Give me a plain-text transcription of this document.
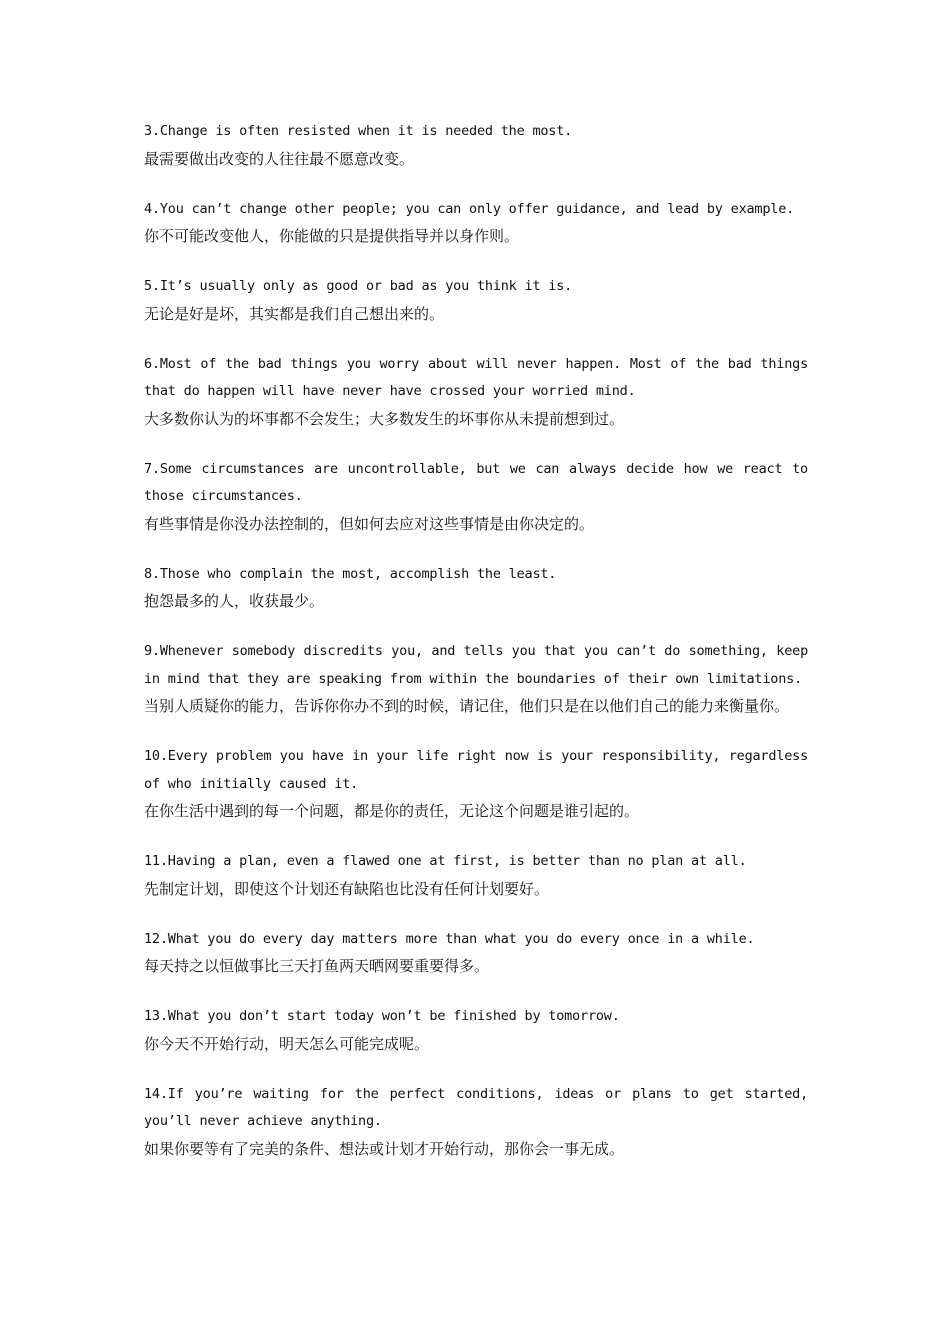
3.Change is often resisted when it is needed the most.

最需要做出改变的人往往最不愿意改变。

4.You can’t change other people; you can only offer guidance, and lead by example.

你不可能改变他人，你能做的只是提供指导并以身作则。

5.It’s usually only as good or bad as you think it is.

无论是好是坏，其实都是我们自己想出来的。

6.Most of the bad things you worry about will never happen. Most of the bad things that do happen will have never have crossed your worried mind.

大多数你认为的坏事都不会发生；大多数发生的坏事你从未提前想到过。

7.Some circumstances are uncontrollable, but we can always decide how we react to those circumstances.

有些事情是你没办法控制的，但如何去应对这些事情是由你决定的。

8.Those who complain the most, accomplish the least.

抱怨最多的人，收获最少。

9.Whenever somebody discredits you, and tells you that you can’t do something, keep in mind that they are speaking from within the boundaries of their own limitations.

当别人质疑你的能力，告诉你你办不到的时候，请记住，他们只是在以他们自己的能力来衡量你。

10.Every problem you have in your life right now is your responsibility, regardless of who initially caused it.

在你生活中遇到的每一个问题，都是你的责任，无论这个问题是谁引起的。

11.Having a plan, even a flawed one at first, is better than no plan at all.

先制定计划，即使这个计划还有缺陷也比没有任何计划要好。

12.What you do every day matters more than what you do every once in a while.

每天持之以恒做事比三天打鱼两天晒网要重要得多。

13.What you don’t start today won’t be finished by tomorrow.

你今天不开始行动，明天怎么可能完成呢。

14.If you’re waiting for the perfect conditions, ideas or plans to get started, you’ll never achieve anything.

如果你要等有了完美的条件、想法或计划才开始行动，那你会一事无成。
